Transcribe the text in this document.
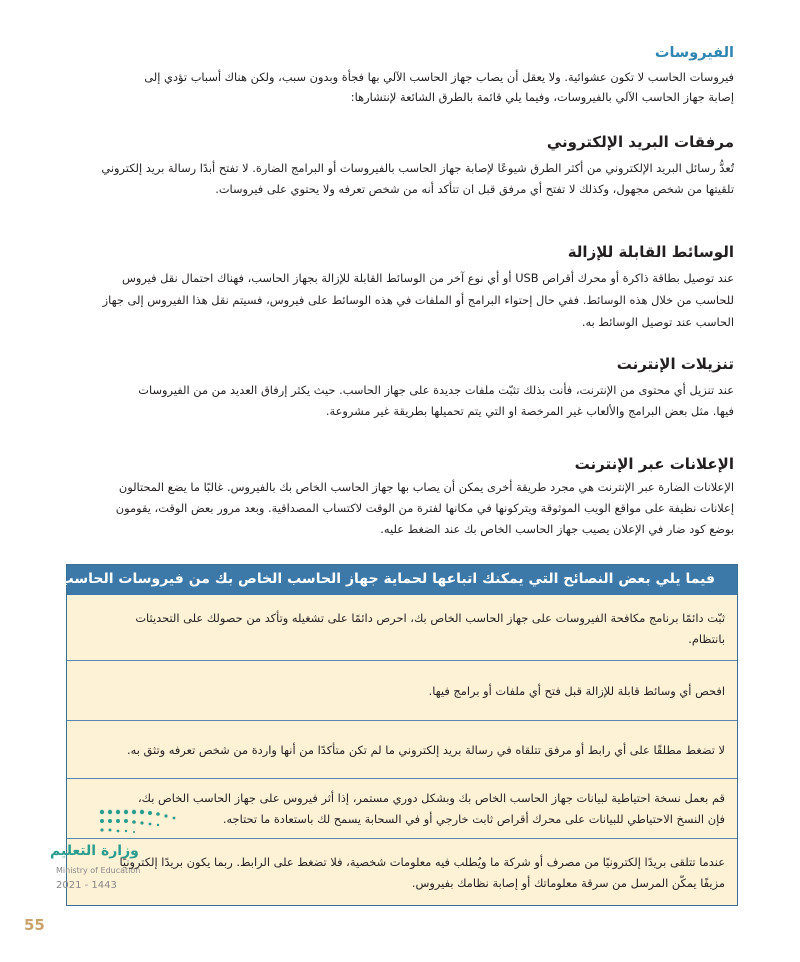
الفيروسات
فيروسات الحاسب لا تكون عشوائية. ولا يعقل أن يصاب جهاز الحاسب الآلي بها فجأة وبدون سبب، ولكن هناك أسباب تؤدي إلى
إصابة جهاز الحاسب الآلي بالفيروسات، وفيما يلي قائمة بالطرق الشائعة لإنتشارها:
مرفقات البريد الإلكتروني
تُعدُّ رسائل البريد الإلكتروني من أكثر الطرق شيوعًا لإصابة جهاز الحاسب بالفيروسات أو البرامج الضارة. لا تفتح أبدًا رسالة بريد إلكتروني
تلقيتها من شخص مجهول، وكذلك لا تفتح أي مرفق قبل ان تتأكد أنه من شخص تعرفه ولا يحتوي على فيروسات.
الوسائط القابلة للإزالة
عند توصيل بطاقة ذاكرة أو محرك أقراص USB أو أي نوع آخر من الوسائط القابلة للإزالة بجهاز الحاسب، فهناك احتمال نقل فيروس
للحاسب من خلال هذه الوسائط. ففي حال إحتواء البرامج أو الملفات في هذه الوسائط على فيروس، فسيتم نقل هذا الفيروس إلى جهاز
الحاسب عند توصيل الوسائط به.
تنزيلات الإنترنت
عند تنزيل أي محتوى من الإنترنت، فأنت بذلك تثبّت ملفات جديدة على جهاز الحاسب. حيث يكثر إرفاق العديد من من الفيروسات
فيها. مثل بعض البرامج والألعاب غير المرخصة او التي يتم تحميلها بطريقة غير مشروعة.
الإعلانات عبر الإنترنت
الإعلانات الضارة عبر الإنترنت هي مجرد طريقة أخرى يمكن أن يصاب بها جهاز الحاسب الخاص بك بالفيروس. غالبًا ما يضع المحتالون
إعلانات نظيفة على مواقع الويب الموثوقة ويتركونها في مكانها لفترة من الوقت لاكتساب المصداقية. وبعد مرور بعض الوقت، يقومون
بوضع كود ضار في الإعلان يصيب جهاز الحاسب الخاص بك عند الضغط عليه.
فيما يلي بعض النصائح التي يمكنك اتباعها لحماية جهاز الحاسب الخاص بك من فيروسات الحاسب:
ثبّت دائمًا برنامج مكافحة الفيروسات على جهاز الحاسب الخاص بك، احرص دائمًا على تشغيله وتأكد من حصولك على التحديثات
بانتظام.
افحص أي وسائط قابلة للإزالة قبل فتح أي ملفات أو برامج فيها.
لا تضغط مطلقًا على أي رابط أو مرفق تتلقاه في رسالة بريد إلكتروني ما لم تكن متأكدًا من أنها واردة من شخص تعرفه وتثق به.
قم بعمل نسخة احتياطية لبيانات جهاز الحاسب الخاص بك وبشكل دوري مستمر، إذا أثر فيروس على جهاز الحاسب الخاص بك،
فإن النسخ الاحتياطي للبيانات على محرك أقراص ثابت خارجي أو في السحابة يسمح لك باستعادة ما تحتاجه.
عندما تتلقى بريدًا إلكترونيًا من مصرف أو شركة ما ويُطلب فيه معلومات شخصية، فلا تضغط على الرابط. ربما يكون بريدًا إلكترونيًا
مزيفًا يمكّن المرسل من سرقة معلوماتك أو إصابة نظامك بفيروس.
وزارة التعليم
Ministry of Education
2021 - 1443
55
